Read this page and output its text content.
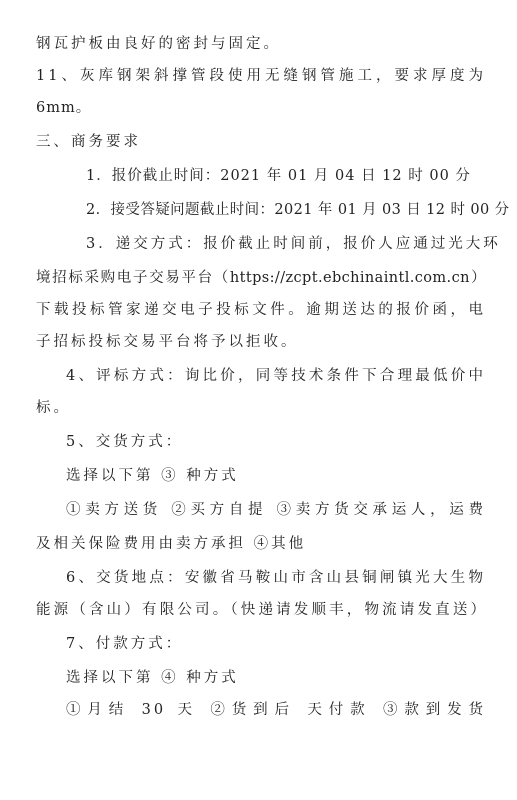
钢瓦护板由良好的密封与固定。
11、灰库钢架斜撑管段使用无缝钢管施工，要求厚度为
6mm。
三、商务要求
1．报价截止时间：2021 年 01 月 04 日 12 时 00 分
2．接受答疑问题截止时间：2021 年 01 月 03 日 12 时 00 分
3．递交方式：报价截止时间前，报价人应通过光大环
境招标采购电子交易平台（https://zcpt.ebchinaintl.com.cn）
下载投标管家递交电子投标文件。逾期送达的报价函，电
子招标投标交易平台将予以拒收。
4、评标方式：询比价，同等技术条件下合理最低价中
标。
5、交货方式：
选择以下第 ③ 种方式
①卖方送货 ②买方自提 ③卖方货交承运人，运费
及相关保险费用由卖方承担 ④其他
6、交货地点：安徽省马鞍山市含山县铜闸镇光大生物
能源（含山）有限公司。（快递请发顺丰，物流请发直送）
7、付款方式：
选择以下第 ④ 种方式
①月结 30 天 ②货到后 天付款 ③款到发货
